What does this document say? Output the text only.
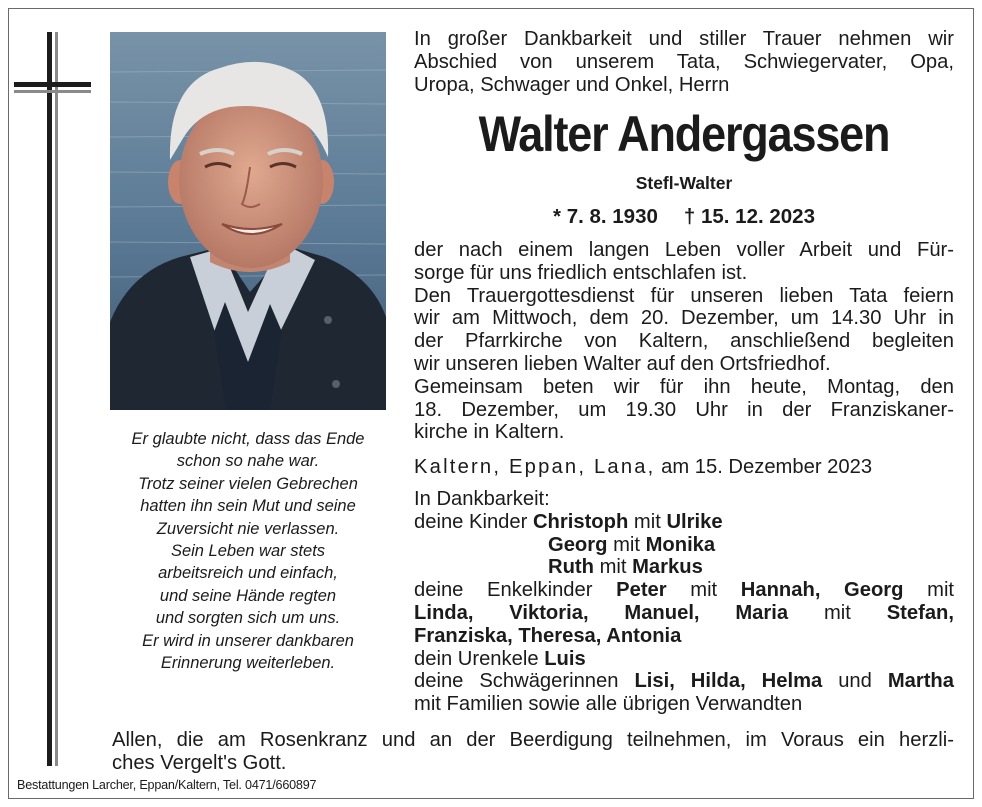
Er glaubte nicht, dass das Ende
schon so nahe war.
Trotz seiner vielen Gebrechen
hatten ihn sein Mut und seine
Zuversicht nie verlassen.
Sein Leben war stets
arbeitsreich und einfach,
und seine Hände regten
und sorgten sich um uns.
Er wird in unserer dankbaren
Erinnerung weiterleben.
In großer Dankbarkeit und stiller Trauer nehmen wir
Abschied von unserem Tata, Schwiegervater, Opa,
Uropa, Schwager und Onkel, Herrn
Walter Andergassen
Stefl-Walter
* 7. 8. 1930 † 15. 12. 2023
der nach einem langen Leben voller Arbeit und Für-
sorge für uns friedlich entschlafen ist.
Den Trauergottesdienst für unseren lieben Tata feiern
wir am Mittwoch, dem 20. Dezember, um 14.30 Uhr in
der Pfarrkirche von Kaltern, anschließend begleiten
wir unseren lieben Walter auf den Ortsfriedhof.
Gemeinsam beten wir für ihn heute, Montag, den
18. Dezember, um 19.30 Uhr in der Franziskaner-
kirche in Kaltern.
Kaltern, Eppan, Lana, am 15. Dezember 2023
In Dankbarkeit:
deine Kinder Christoph mit Ulrike
Georg mit Monika
Ruth mit Markus
deine Enkelkinder Peter mit Hannah, Georg mit
Linda, Viktoria, Manuel, Maria mit Stefan,
Franziska, Theresa, Antonia
dein Urenkele Luis
deine Schwägerinnen Lisi, Hilda, Helma und Martha
mit Familien sowie alle übrigen Verwandten
Allen, die am Rosenkranz und an der Beerdigung teilnehmen, im Voraus ein herzli-
ches Vergelt's Gott.
Bestattungen Larcher, Eppan/Kaltern, Tel. 0471/660897
